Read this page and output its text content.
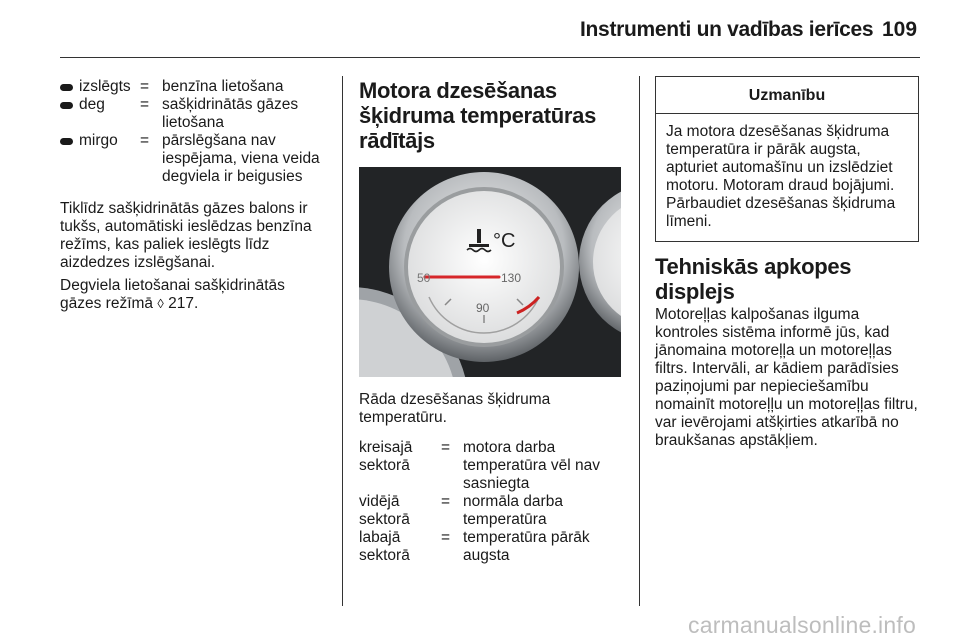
Instrumenti un vadības ierīces 109
izslēgts = benzīna lietošana
deg = sašķidrinātās gāzes lietošana
mirgo = pārslēgšana nav iespējama, viena veida degviela ir beigusies

Tiklīdz sašķidrinātās gāzes balons ir tukšs, automātiski ieslēdzas benzīna režīms, kas paliek ieslēgts līdz aizdedzes izslēgšanai.

Degviela lietošanai sašķidrinātās gāzes režīmā ◊ 217.

Motora dzesēšanas šķidruma temperatūras rādītājs
°C
50	130
90
Rāda dzesēšanas šķidruma temperatūru.
kreisajā sektorā
= motora darba temperatūra vēl nav sasniegta
vidējā sektorā
= normāla darba temperatūra
labajā sektorā
= temperatūra pārāk augsta
Uzmanību
Ja motora dzesēšanas šķidruma temperatūra ir pārāk augsta, apturiet automašīnu un izslēdziet motoru. Motoram draud bojājumi. Pārbaudiet dzesēšanas šķidruma līmeni.
Tehniskās apkopes displejs
Motoreļļas kalpošanas ilguma kontroles sistēma informē jūs, kad jānomaina motoreļļa un motoreļļas filtrs. Intervāli, ar kādiem parādīsies paziņojumi par nepieciešamību nomainīt motoreļļu un motoreļļas filtru, var ievērojami atšķirties atkarībā no braukšanas apstākļiem.
carmanualsonline.info
